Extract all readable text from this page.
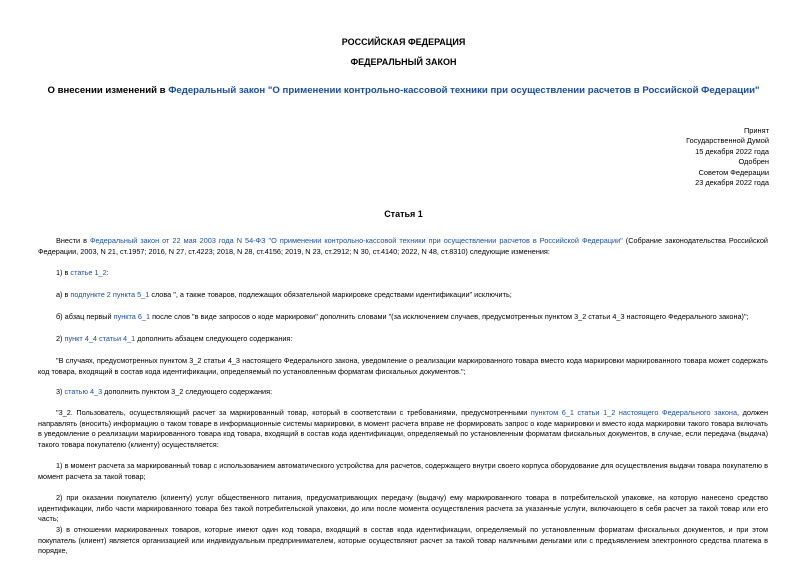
РОССИЙСКАЯ ФЕДЕРАЦИЯ
ФЕДЕРАЛЬНЫЙ ЗАКОН
О внесении изменений в Федеральный закон "О применении контрольно-кассовой техники при осуществлении расчетов в Российской Федерации"
Принят
Государственной Думой
15 декабря 2022 года
Одобрен
Советом Федерации
23 декабря 2022 года
Статья 1
Внести в Федеральный закон от 22 мая 2003 года N 54-ФЗ "О применении контрольно-кассовой техники при осуществлении расчетов в Российской Федерации" (Собрание законодательства Российской Федерации, 2003, N 21, ст.1957; 2016, N 27, ст.4223; 2018, N 28, ст.4156; 2019, N 23, ст.2912; N 30, ст.4140; 2022, N 48, ст.8310) следующие изменения:
1) в статье 1_2:
а) в подпункте 2 пункта 5_1 слова ", а также товаров, подлежащих обязательной маркировке средствами идентификации" исключить;
б) абзац первый пункта 6_1 после слов "в виде запросов о коде маркировки" дополнить словами "(за исключением случаев, предусмотренных пунктом 3_2 статьи 4_3 настоящего Федерального закона)";
2) пункт 4_4 статьи 4_1 дополнить абзацем следующего содержания:
"В случаях, предусмотренных пунктом 3_2 статьи 4_3 настоящего Федерального закона, уведомление о реализации маркированного товара вместо кода маркировки маркированного товара может содержать код товара, входящий в состав кода идентификации, определяемый по установленным форматам фискальных документов.";
3) статью 4_3 дополнить пунктом 3_2 следующего содержания:
"3_2. Пользователь, осуществляющий расчет за маркированный товар, который в соответствии с требованиями, предусмотренными пунктом 6_1 статьи 1_2 настоящего Федерального закона, должен направлять (вносить) информацию о таком товаре в информационные системы маркировки, в момент расчета вправе не формировать запрос о коде маркировки и вместо кода маркировки такого товара включать в уведомление о реализации маркированного товара код товара, входящий в состав кода идентификации, определяемый по установленным форматам фискальных документов, в случае, если передача (выдача) такого товара покупателю (клиенту) осуществляется:
1) в момент расчета за маркированный товар с использованием автоматического устройства для расчетов, содержащего внутри своего корпуса оборудование для осуществления выдачи товара покупателю в момент расчета за такой товар;
2) при оказании покупателю (клиенту) услуг общественного питания, предусматривающих передачу (выдачу) ему маркированного товара в потребительской упаковке, на которую нанесено средство идентификации, либо части маркированного товара без такой потребительской упаковки, до или после момента осуществления расчета за указанные услуги, включающего в себя расчет за такой товар или его часть;
3) в отношении маркированных товаров, которые имеют один код товара, входящий в состав кода идентификации, определяемый по установленным форматам фискальных документов, и при этом покупатель (клиент) является организацией или индивидуальным предпринимателем, которые осуществляют расчет за такой товар наличными деньгами или с предъявлением электронного средства платежа в порядке,
